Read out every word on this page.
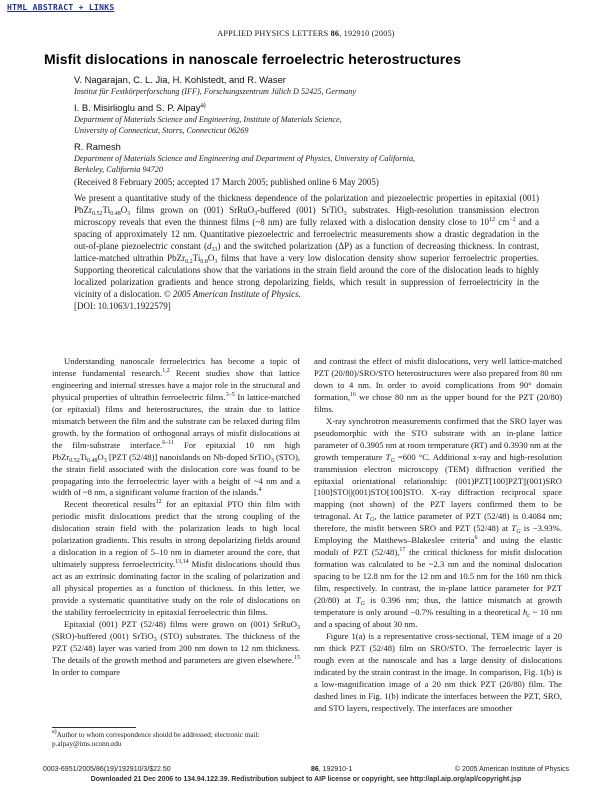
HTML ABSTRACT + LINKS
APPLIED PHYSICS LETTERS 86, 192910 (2005)
Misfit dislocations in nanoscale ferroelectric heterostructures

V. Nagarajan, C. L. Jia, H. Kohlstedt, and R. Waser

Institut für Festkörperforschung (IFF), Forschungszentrum Jülich D 52425, Germany

I. B. Misirlioglu and S. P. Alpay$^{a)}$

Department of Materials Science and Engineering, Institute of Materials Science,

University of Connecticut, Storrs, Connecticut 06269

R. Ramesh

Department of Materials Science and Engineering and Department of Physics, University of California,

Berkeley, California 94720

(Received 8 February 2005; accepted 17 March 2005; published online 6 May 2005)
We present a quantitative study of the thickness dependence of the polarization and piezoelectric properties in epitaxial (001) $PbZr_{0.52}Ti_{0.48}O_3$ films grown on (001) SrRuO$_3$-buffered (001) SrTiO$_3$ substrates. High-resolution transmission electron microscopy reveals that even the thinnest films (~8 nm) are fully relaxed with a dislocation density close to $10^{12}$ $cm^{-2}$ and a spacing of approximately 12 nm. Quantitative piezoelectric and ferroelectric measurements show a drastic degradation in the out-of-plane piezoelectric constant $(d_{33})$ and the switched polarization (ΔP) as a function of decreasing thickness. In contrast, lattice-matched ultrathin $PbZr_{0.2}Ti_{0.8}O_3$ films that have a very low dislocation density show superior ferroelectric properties. Supporting theoretical calculations show that the variations in the strain field around the core of the dislocation leads to highly localized polarization gradients and hence strong depolarizing fields, which result in suppression of ferroelectricity in the vicinity of a dislocation. © 2005 American Institute of Physics.
[DOI: 10.1063/1.1922579]

Understanding nanoscale ferroelectrics has become a topic of intense fundamental research.$^{1,2}$ Recent studies show that lattice engineering and internal stresses have a major role in the structural and physical properties of ultrathin ferroelectric films.$^{3-5}$ In lattice-matched (or epitaxial) films and heterostructures, the strain due to lattice mismatch between the film and the substrate can be relaxed during film growth. by the formation of orthogonal arrays of misfit dislocations at the film-substrate interface.$^{6-11}$ For epitaxial 10 nm high $PbZr_{0.52}Ti_{0.48}O_3$ [PZT (52/48)] nanoislands on Nb-doped SrTiO$_3$ (STO), the strain field associated with the dislocation core was found to be propagating into the ferroelectric layer with a height of ~4 nm and a width of ~8 nm, a significant volume fraction of the islands.$^4$

Recent theoretical results$^{12}$ for an epitaxial PTO thin film with periodic misfit dislocations predict that the strong coupling of the dislocation strain field with the polarization leads to high local polarization gradients. This results in strong depolarizing fields around a dislocation in a region of 5–10 nm in diameter around the core, that ultimately suppress ferroelectricity.$^{13,14}$ Misfit dislocations should thus act as an extrinsic dominating factor in the scaling of polarization and all physical properties as a function of thickness. In this letter, we provide a systematic quantitative study on the role of dislocations on the stability ferroelectricity in epitaxial ferroelectric thin films.

Epitaxial (001) PZT (52/48) films were grown on (001) SrRuO$_3$ (SRO)-buffered (001) SrTiO$_3$ (STO) substrates. The thickness of the PZT (52/48) layer was varied from 200 nm down to 12 nm thickness. The details of the growth method and parameters are given elsewhere.$^{15}$ In order to compare

and contrast the effect of misfit dislocations, very well lattice-matched PZT (20/80)/SRO/STO heterostructures were also prepared from 80 nm down to 4 nm. In order to avoid complications from 90° domain formation,$^{16}$ we chose 80 nm as the upper bound for the PZT (20/80) films.

X-ray synchrotron measurements confirmed that the SRO layer was pseudomorphic with the STO substrate with an in-plane lattice parameter of 0.3905 nm at room temperature (RT) and 0.3930 nm at the growth temperature $T_G =600$ °C. Additional x-ray and high-resolution transmission electron microscopy (TEM) diffraction verified the epitaxial orientational relationship: (001)PZT[100]PZT||(001)SRO [100]STO||(001)STO[100]STO. X-ray diffraction reciprocal space mapping (not shown) of the PZT layers confirmed them to be tetragonal. At $T_G$, the lattice parameter of PZT (52/48) is 0.4084 nm; therefore, the misfit between SRO and PZT (52/48) at $T_G$ is −3.93%. Employing the Matthews–Blakeslee criteria$^6$ and using the elastic moduli of PZT (52/48),$^{17}$ the critical thickness for misfit dislocation formation was calculated to be ~2.3 nm and the nominal dislocation spacing to be 12.8 nm for the 12 nm and 10.5 nm for the 160 nm thick film, respectively. In contrast, the in-plane lattice parameter for PZT (20/80) at $T_G$ is 0.396 nm; thus, the lattice mismatch at growth temperature is only around −0.7% resulting in a theoretical $h_c$ ~ 10 nm and a spacing of about 30 nm.

Figure 1(a) is a representative cross-sectional, TEM image of a 20 nm thick PZT (52/48) film on SRO/STO. The ferroelectric layer is rough even at the nanoscale and has a large density of dislocations indicated by the strain contrast in the image. In comparison, Fig. 1(b) is a low-magnification image of a 20 nm thick PZT (20/80) film. The dashed lines in Fig. 1(b) indicate the interfaces between the PZT, SRO, and STO layers, respectively. The interfaces are smoother

$^{a)}$Author to whom correspondence should be addressed; electronic mail: p.alpay@ims.uconn.edu
0003-6951/2005/86(19)/192910/3/$22.50	86, 192910-1	© 2005 American Institute of Physics
Downloaded 21 Dec 2006 to 134.94.122.39. Redistribution subject to AIP license or copyright, see http://apl.aip.org/apl/copyright.jsp
